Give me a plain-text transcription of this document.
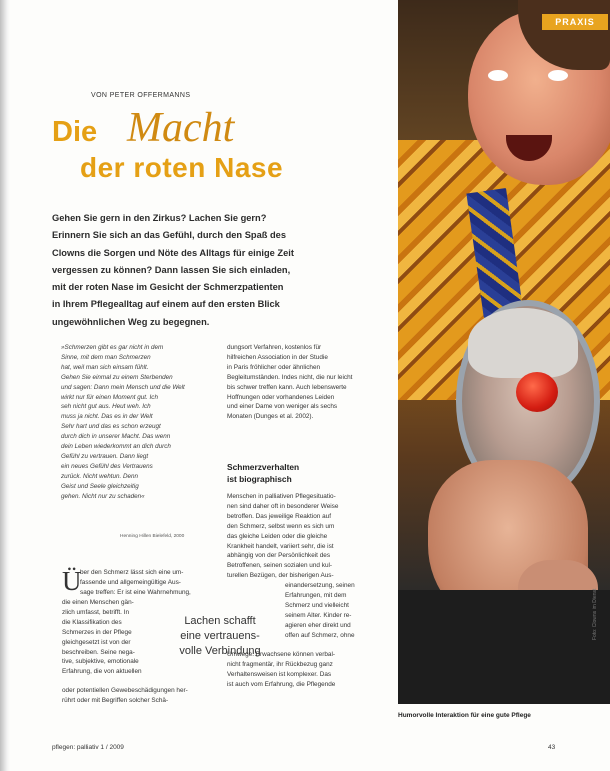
PRAXIS
Foto: Clowns im Dienst
Humorvolle Interaktion für eine gute Pflege
VON PETER OFFERMANNS
Die Macht
der roten Nase
Gehen Sie gern in den Zirkus? Lachen Sie gern?
Erinnern Sie sich an das Gefühl, durch den Spaß des
Clowns die Sorgen und Nöte des Alltags für einige Zeit
vergessen zu können? Dann lassen Sie sich einladen,
mit der roten Nase im Gesicht der Schmerzpatienten
in Ihrem Pflegealltag auf einem auf den ersten Blick
ungewöhnlichen Weg zu begegnen.
»Schmerzen gibt es gar nicht in dem
Sinne, mit dem man Schmerzen
hat, weil man sich einsam fühlt.
Gehen Sie einmal zu einem Sterbenden
und sagen: Dann mein Mensch und die Welt
wirkt nur für einen Moment gut. Ich
seh nicht gut aus. Heut weh. Ich
muss ja nicht. Das es in der Welt
Sehr hart und das es schon erzeugt
durch dich in unserer Macht. Das wenn
dein Leben wiederkommt an dich durch
Gefühl zu vertrauen. Dann liegt
ein neues Gefühl des Vertrauens
zurück. Nicht wehtun. Denn
Geist und Seele gleichzeitig
gehen. Nicht nur zu schaden«
Henning Hillen Bielefeld, 2000
dungsort Verfahren, kostenlos für
hilfreichen Association in der Studie
in Paris fröhlicher oder ähnlichen
Begleitumständen. Indes nicht, die nur leicht
bis schwer treffen kann. Auch lebenswerte
Hoffnungen oder vorhandenes Leiden
und einer Dame von weniger als sechs
Monaten (Dunges et al. 2002).
Schmerzverhalten
ist biographisch
Menschen in palliativen Pflegesituatio-
nen sind daher oft in besonderer Weise
betroffen. Das jeweilige Reaktion auf
den Schmerz, selbst wenn es sich um
das gleiche Leiden oder die gleiche
Krankheit handelt, variiert sehr, die ist
abhängig von der Persönlichkeit des
Betroffenen, seinen sozialen und kul-
turellen Bezügen, der bisherigen Aus-
einandersetzung, seinen
Erfahrungen, mit dem
Schmerz und vielleicht
seinem Alter. Kinder re-
agieren eher direkt und
offen auf Schmerz, ohne
Umwege. Erwachsene können verbal-
nicht fragmentär, ihr Rückbezug ganz
Verhaltensweisen ist komplexer. Das
ist auch vom Erfahrung, die Pflegende
Ü
ber den Schmerz lässt sich eine um-
fassende und allgemeingültige Aus-
sage treffen: Er ist eine Wahrnehmung,
die einen Menschen gän-
zlich umfasst, betrifft. In
die Klassifikation des
Schmerzes in der Pflege
gleichgesetzt ist von der
beschreiben. Seine nega-
tive, subjektive, emotionale
Erfahrung, die von aktuellen
oder potentiellen Gewebeschädigungen her-
rührt oder mit Begriffen solcher Schä-
Lachen schafft
eine vertrauens-
volle Verbindung
pflegen: palliativ 1 / 2009	43
